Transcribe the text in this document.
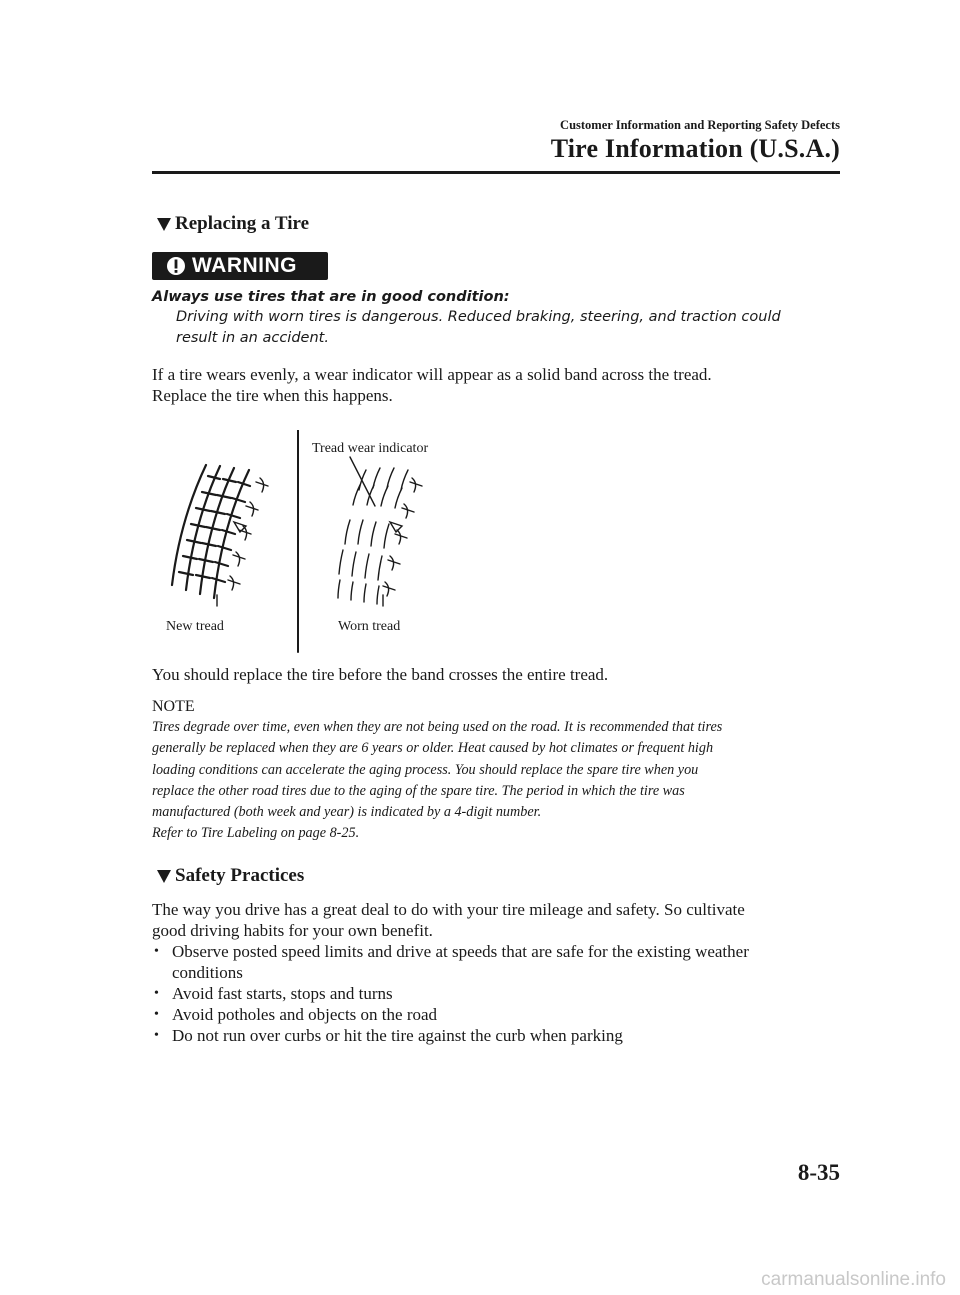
Customer Information and Reporting Safety Defects
Tire Information (U.S.A.)
Replacing a Tire
WARNING
Always use tires that are in good condition:
Driving with worn tires is dangerous. Reduced braking, steering, and traction could
result in an accident.
If a tire wears evenly, a wear indicator will appear as a solid band across the tread.
Replace the tire when this happens.
Tread wear indicator
New tread	Worn tread
You should replace the tire before the band crosses the entire tread.
NOTE
Tires degrade over time, even when they are not being used on the road. It is recommended that tires
generally be replaced when they are 6 years or older. Heat caused by hot climates or frequent high
loading conditions can accelerate the aging process. You should replace the spare tire when you
replace the other road tires due to the aging of the spare tire. The period in which the tire was
manufactured (both week and year) is indicated by a 4-digit number.
Refer to Tire Labeling on page 8-25.
Safety Practices
The way you drive has a great deal to do with your tire mileage and safety. So cultivate
good driving habits for your own benefit.
• Observe posted speed limits and drive at speeds that are safe for the existing weather
conditions
• Avoid fast starts, stops and turns
• Avoid potholes and objects on the road
• Do not run over curbs or hit the tire against the curb when parking
8-35
carmanualsonline.info
